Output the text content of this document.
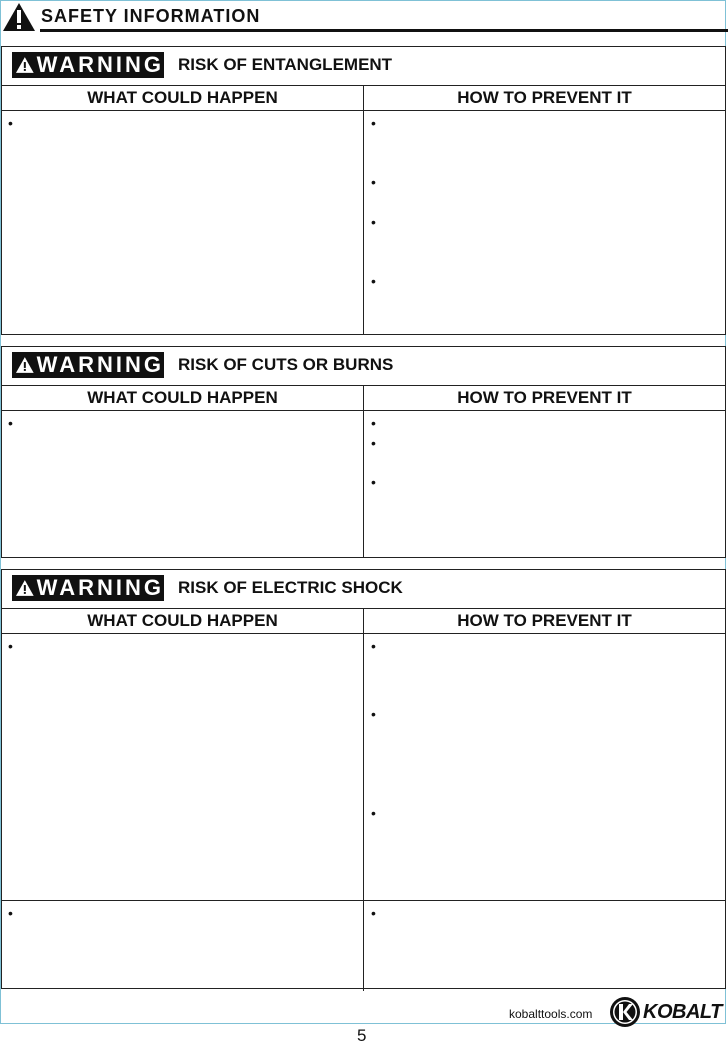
SAFETY INFORMATION
WARNING RISK OF ENTANGLEMENT
WHAT COULD HAPPEN	HOW TO PREVENT IT
•	•
•
•
•
WARNING RISK OF CUTS OR BURNS
WHAT COULD HAPPEN	HOW TO PREVENT IT
•	•
•
•
WARNING RISK OF ELECTRIC SHOCK
WHAT COULD HAPPEN	HOW TO PREVENT IT
•	•
•
•
•	•
kobalttools.com	KOBALT
5
